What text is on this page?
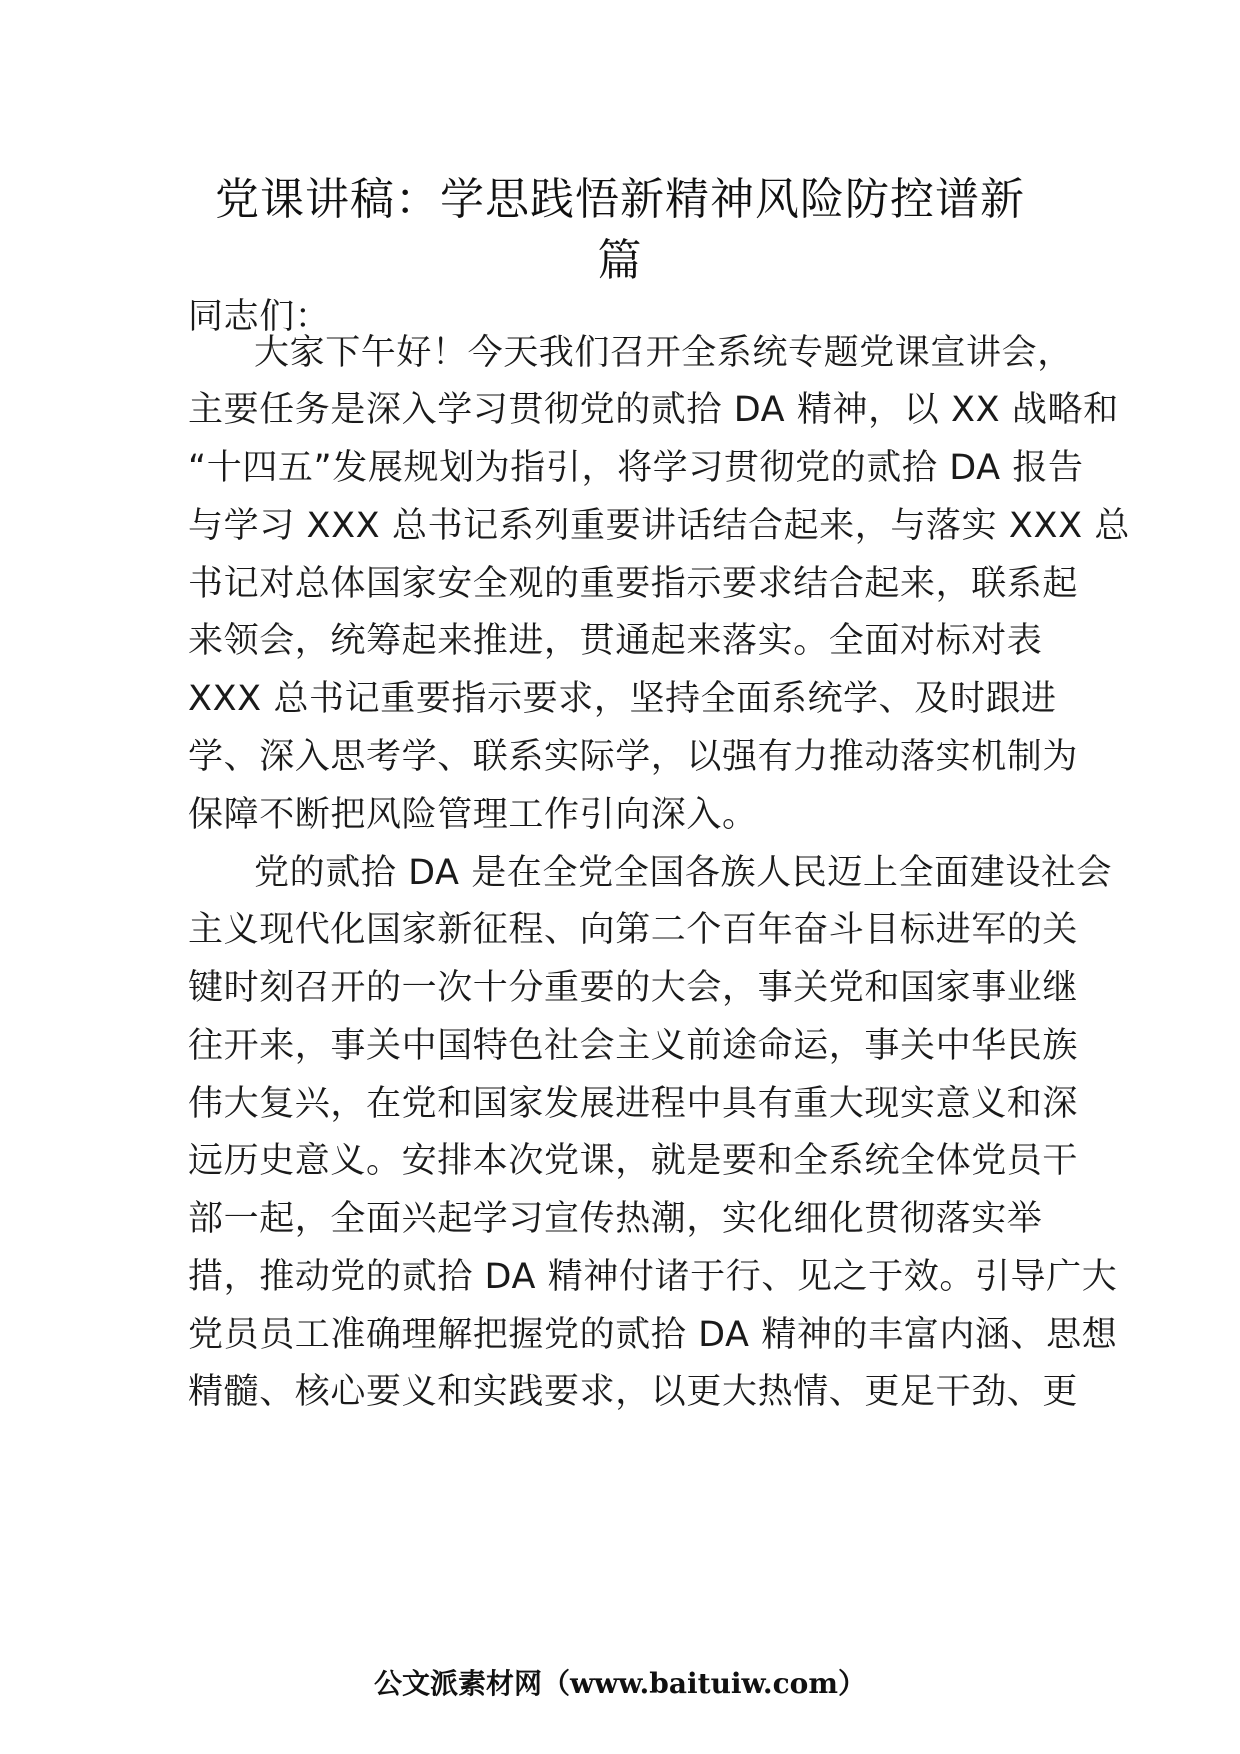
党课讲稿：学思践悟新精神风险防控谱新
篇
同志们：
大家下午好！今天我们召开全系统专题党课宣讲会，
主要任务是深入学习贯彻党的贰拾 DA 精神，以 XX 战略和
“十四五”发展规划为指引，将学习贯彻党的贰拾 DA 报告
与学习 XXX 总书记系列重要讲话结合起来，与落实 XXX 总
书记对总体国家安全观的重要指示要求结合起来，联系起
来领会，统筹起来推进，贯通起来落实。全面对标对表
XXX 总书记重要指示要求，坚持全面系统学、及时跟进
学、深入思考学、联系实际学，以强有力推动落实机制为
保障不断把风险管理工作引向深入。
党的贰拾 DA 是在全党全国各族人民迈上全面建设社会
主义现代化国家新征程、向第二个百年奋斗目标进军的关
键时刻召开的一次十分重要的大会，事关党和国家事业继
往开来，事关中国特色社会主义前途命运，事关中华民族
伟大复兴，在党和国家发展进程中具有重大现实意义和深
远历史意义。安排本次党课，就是要和全系统全体党员干
部一起，全面兴起学习宣传热潮，实化细化贯彻落实举
措，推动党的贰拾 DA 精神付诸于行、见之于效。引导广大
党员员工准确理解把握党的贰拾 DA 精神的丰富内涵、思想
精髓、核心要义和实践要求，以更大热情、更足干劲、更
公文派素材网（www.baituiw.com）
